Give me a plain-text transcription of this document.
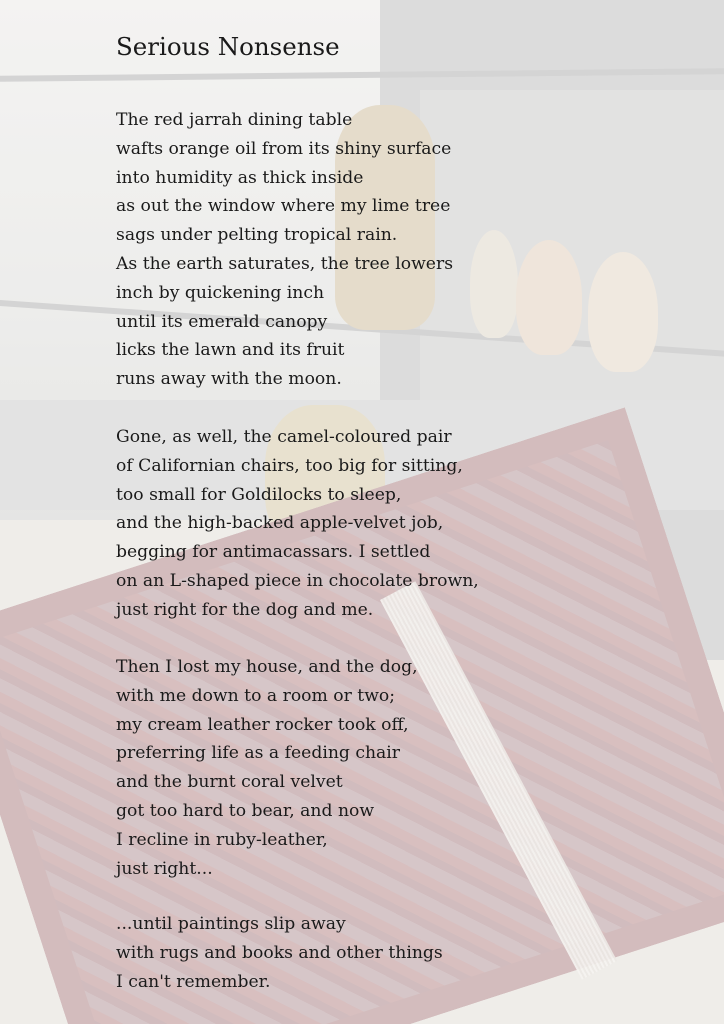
Serious Nonsense
The red jarrah dining table
wafts orange oil from its shiny surface
into humidity as thick inside
as out the window where my lime tree
sags under pelting tropical rain.
As the earth saturates, the tree lowers
inch by quickening inch
until its emerald canopy
licks the lawn and its fruit
runs away with the moon.
Gone, as well, the camel-coloured pair
of Californian chairs, too big for sitting,
too small for Goldilocks to sleep,
and the high-backed apple-velvet job,
begging for antimacassars. I settled
on an L-shaped piece in chocolate brown,
just right for the dog and me.
Then I lost my house, and the dog,
with me down to a room or two;
my cream leather rocker took off,
preferring life as a feeding chair
and the burnt coral velvet
got too hard to bear, and now
I recline in ruby-leather,
just right...
...until paintings slip away
with rugs and books and other things
I can't remember.
